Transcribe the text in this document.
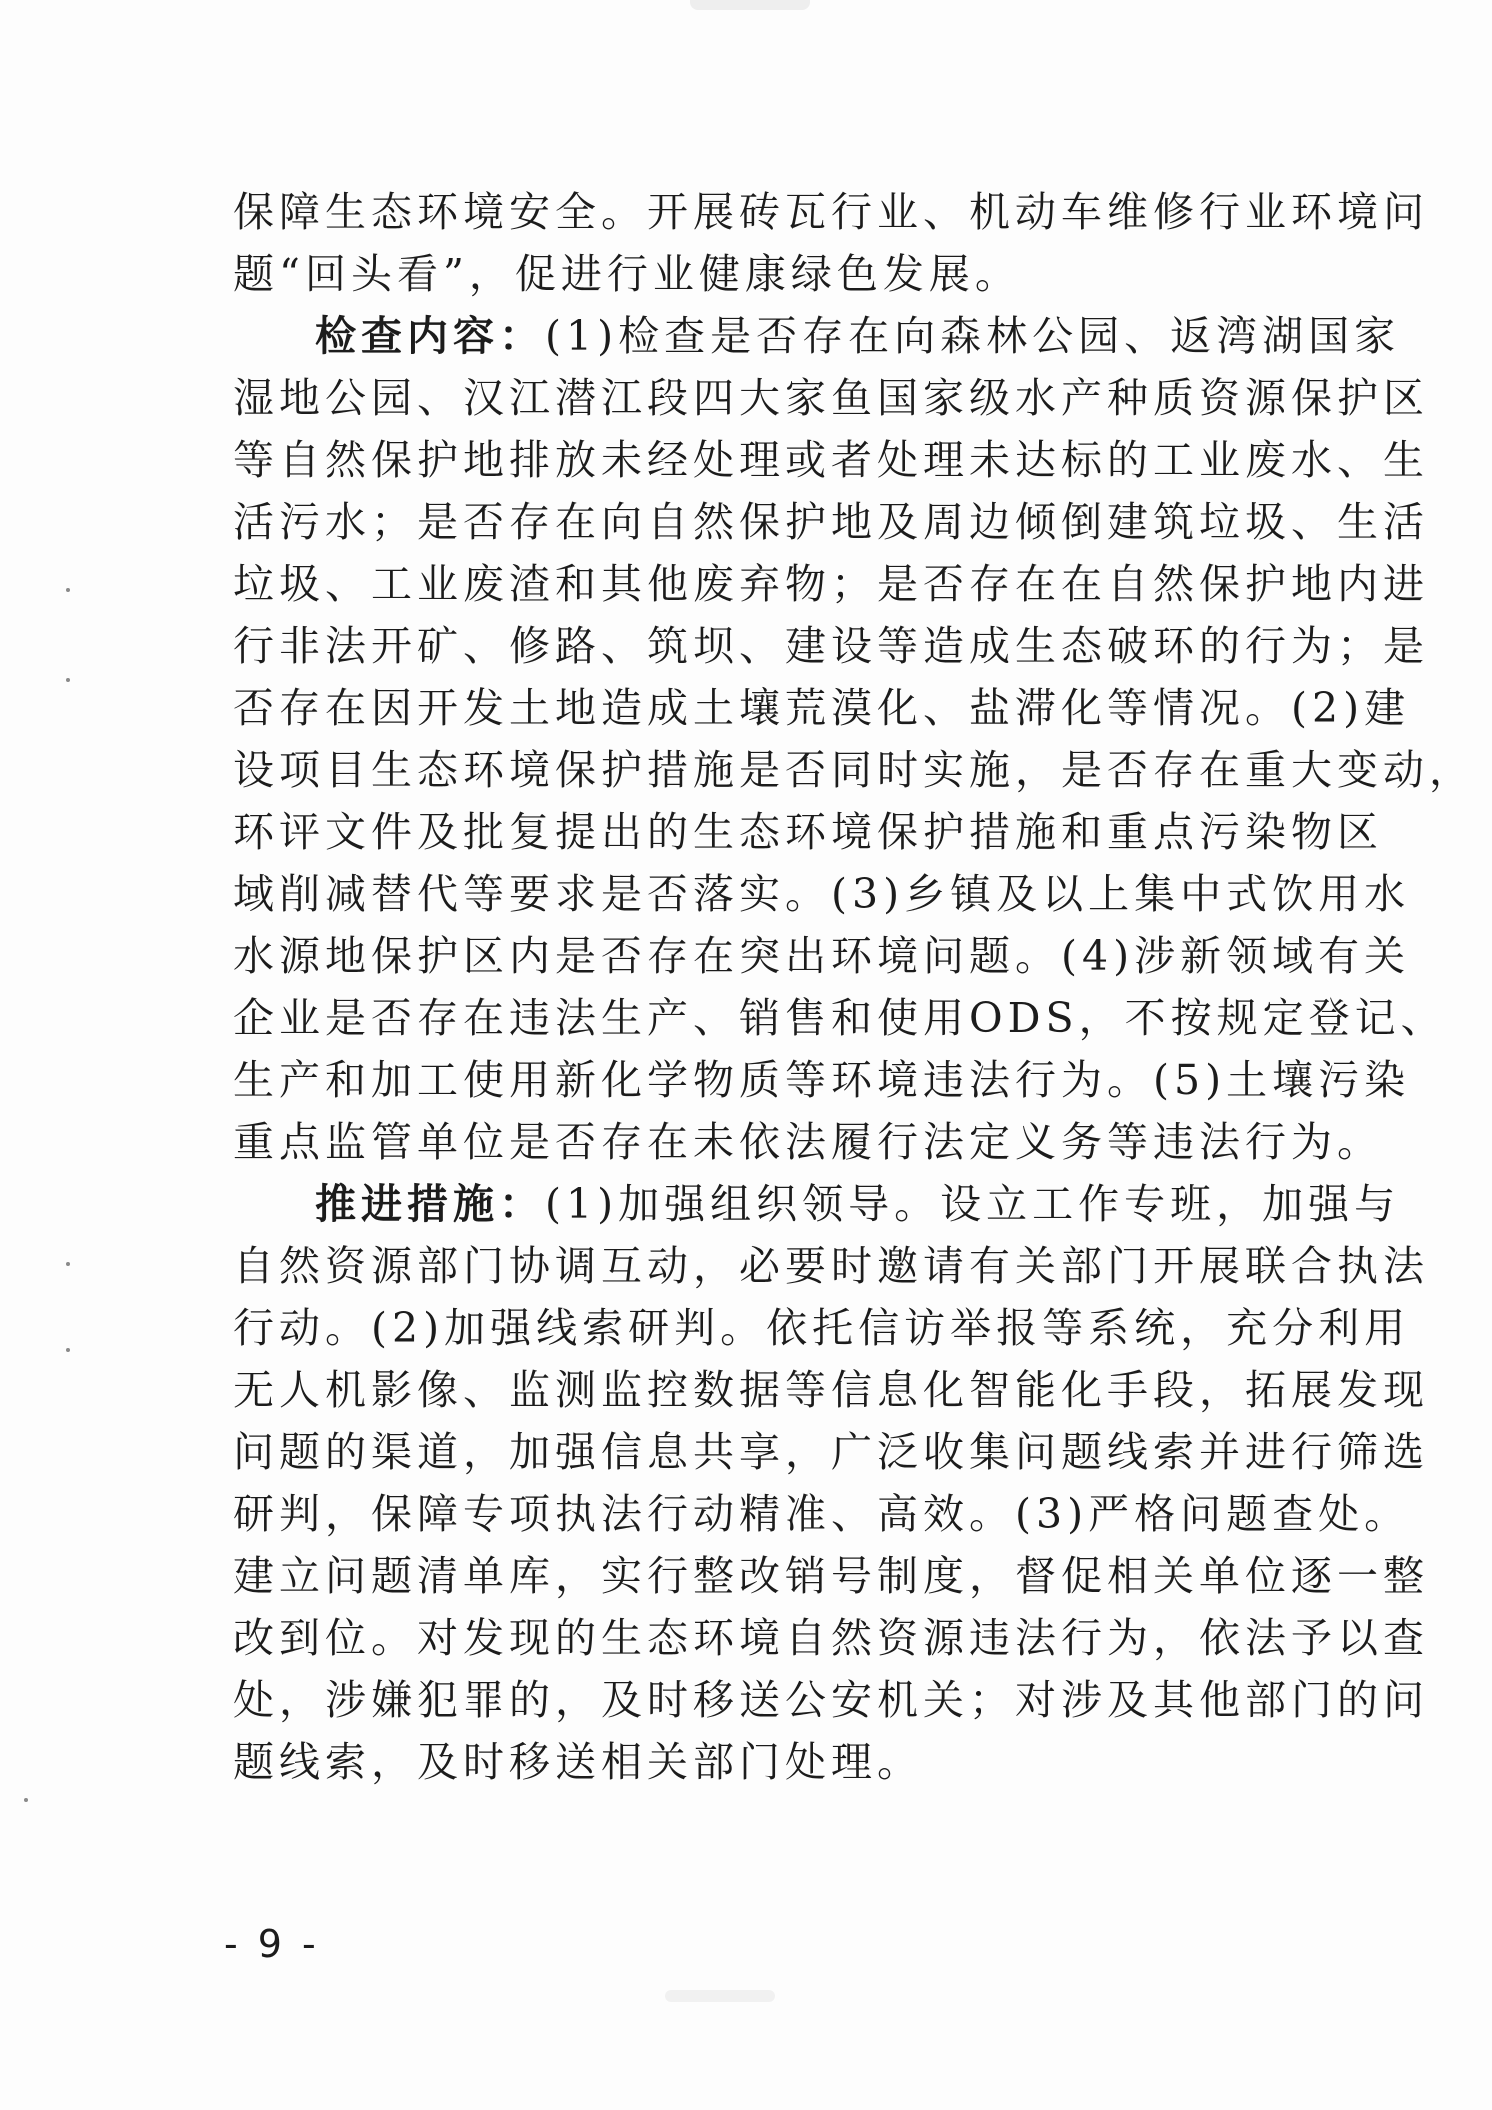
保障生态环境安全。开展砖瓦行业、机动车维修行业环境问
题“回头看”，促进行业健康绿色发展。
检查内容：(1)检查是否存在向森林公园、返湾湖国家
湿地公园、汉江潜江段四大家鱼国家级水产种质资源保护区
等自然保护地排放未经处理或者处理未达标的工业废水、生
活污水；是否存在向自然保护地及周边倾倒建筑垃圾、生活
垃圾、工业废渣和其他废弃物；是否存在在自然保护地内进
行非法开矿、修路、筑坝、建设等造成生态破环的行为；是
否存在因开发土地造成土壤荒漠化、盐滞化等情况。(2)建
设项目生态环境保护措施是否同时实施，是否存在重大变动，
环评文件及批复提出的生态环境保护措施和重点污染物区
域削减替代等要求是否落实。(3)乡镇及以上集中式饮用水
水源地保护区内是否存在突出环境问题。(4)涉新领域有关
企业是否存在违法生产、销售和使用ODS，不按规定登记、
生产和加工使用新化学物质等环境违法行为。(5)土壤污染
重点监管单位是否存在未依法履行法定义务等违法行为。
推进措施：(1)加强组织领导。设立工作专班，加强与
自然资源部门协调互动，必要时邀请有关部门开展联合执法
行动。(2)加强线索研判。依托信访举报等系统，充分利用
无人机影像、监测监控数据等信息化智能化手段，拓展发现
问题的渠道，加强信息共享，广泛收集问题线索并进行筛选
研判，保障专项执法行动精准、高效。(3)严格问题查处。
建立问题清单库，实行整改销号制度，督促相关单位逐一整
改到位。对发现的生态环境自然资源违法行为，依法予以查
处，涉嫌犯罪的，及时移送公安机关；对涉及其他部门的问
题线索，及时移送相关部门处理。
- 9 -
